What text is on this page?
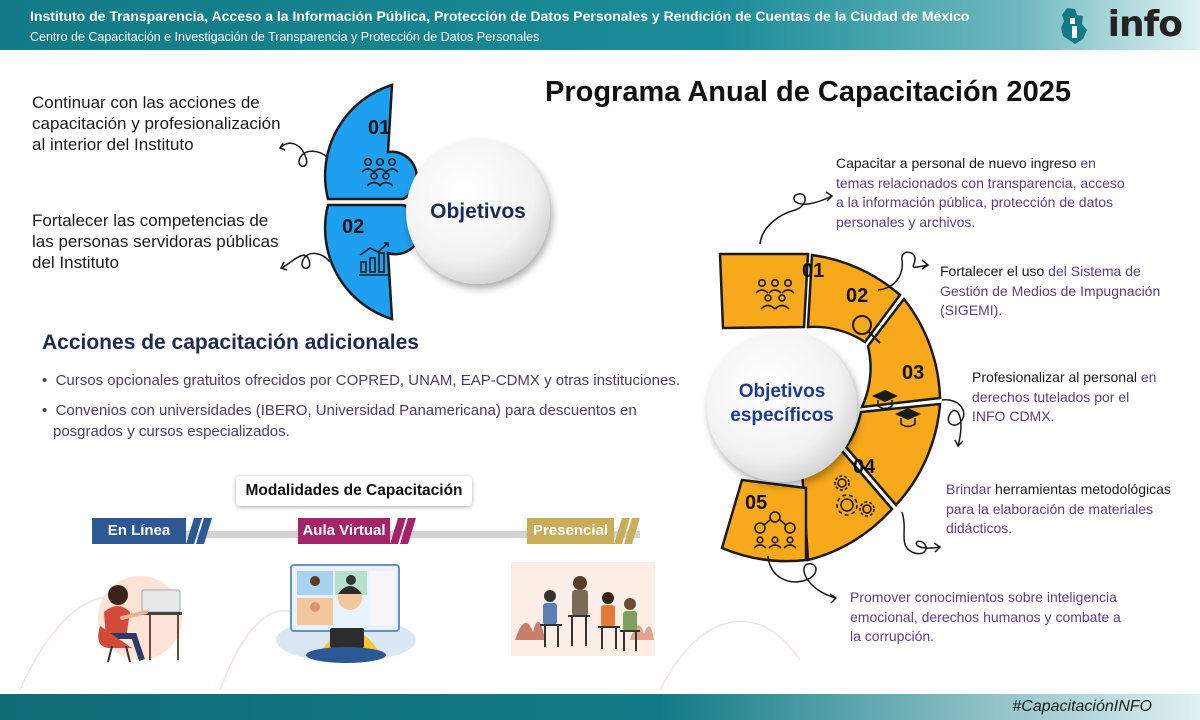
Instituto de Transparencia, Acceso a la Información Pública, Protección de Datos Personales y Rendición de Cuentas de la Ciudad de México
Centro de Capacitación e Investigación de Transparencia y Protección de Datos Personales	info
Programa Anual de Capacitación 2025
Continuar con las acciones de
capacitación y profesionalización
al interior del Instituto
Fortalecer las competencias de
las personas servidoras públicas
del Instituto
01
02
Objetivos
Acciones de capacitación adicionales
•  Cursos opcionales gratuitos ofrecidos por COPRED, UNAM, EAP-CDMX y otras instituciones.
•  Convenios con universidades (IBERO, Universidad Panamericana) para descuentos en
posgrados y cursos especializados.
Modalidades de Capacitación
En Línea	Aula Virtual	Presencial
Objetivos
específicos
01
02
03
04
05
Capacitar a personal de nuevo ingreso en
temas relacionados con transparencia, acceso
a la información pública, protección de datos
personales y archivos.
Fortalecer el uso del Sistema de
Gestión de Medios de Impugnación
(SIGEMI).
Profesionalizar al personal en
derechos tutelados por el
INFO CDMX.
Brindar herramientas metodológicas
para la elaboración de materiales
didácticos.
Promover conocimientos sobre inteligencia
emocional, derechos humanos y combate a
la corrupción.
#CapacitaciónINFO
